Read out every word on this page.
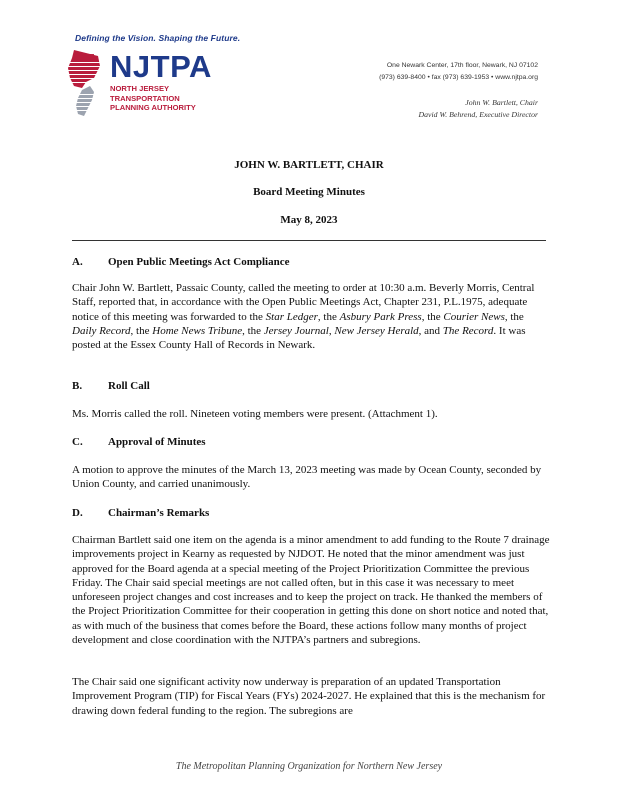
Defining the Vision. Shaping the Future.
NJTPA
NORTH JERSEY
TRANSPORTATION
PLANNING AUTHORITY
One Newark Center, 17th floor, Newark, NJ 07102
(973) 639-8400 • fax (973) 639-1953 • www.njtpa.org
John W. Bartlett, Chair
David W. Behrend, Executive Director
JOHN W. BARTLETT, CHAIR
Board Meeting Minutes
May 8, 2023
A. Open Public Meetings Act Compliance
Chair John W. Bartlett, Passaic County, called the meeting to order at 10:30 a.m. Beverly Morris, Central Staff, reported that, in accordance with the Open Public Meetings Act, Chapter 231, P.L.1975, adequate notice of this meeting was forwarded to the Star Ledger, the Asbury Park Press, the Courier News, the Daily Record, the Home News Tribune, the Jersey Journal, New Jersey Herald, and The Record. It was posted at the Essex County Hall of Records in Newark.
B. Roll Call
Ms. Morris called the roll. Nineteen voting members were present. (Attachment 1).
C. Approval of Minutes
A motion to approve the minutes of the March 13, 2023 meeting was made by Ocean County, seconded by Union County, and carried unanimously.
D. Chairman’s Remarks
Chairman Bartlett said one item on the agenda is a minor amendment to add funding to the Route 7 drainage improvements project in Kearny as requested by NJDOT. He noted that the minor amendment was just approved for the Board agenda at a special meeting of the Project Prioritization Committee the previous Friday. The Chair said special meetings are not called often, but in this case it was necessary to meet unforeseen project changes and cost increases and to keep the project on track. He thanked the members of the Project Prioritization Committee for their cooperation in getting this done on short notice and noted that, as with much of the business that comes before the Board, these actions follow many months of project development and close coordination with the NJTPA’s partners and subregions.
The Chair said one significant activity now underway is preparation of an updated Transportation Improvement Program (TIP) for Fiscal Years (FYs) 2024-2027. He explained that this is the mechanism for drawing down federal funding to the region. The subregions are
The Metropolitan Planning Organization for Northern New Jersey
